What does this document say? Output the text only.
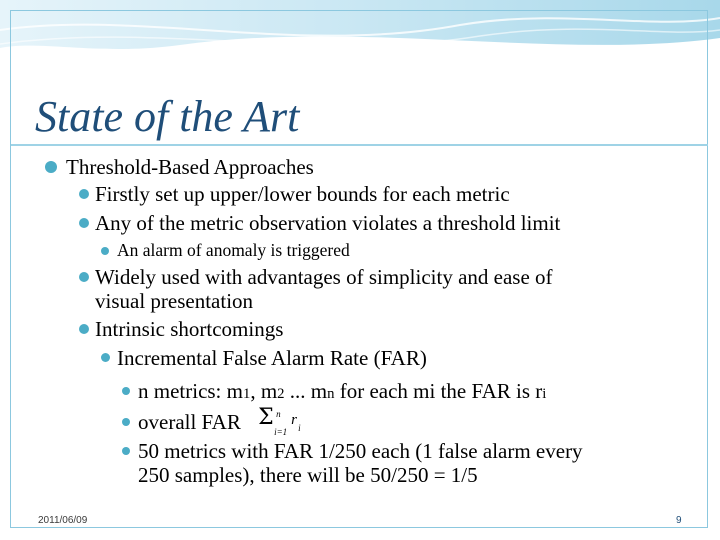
State of the Art
Threshold-Based Approaches
Firstly set up upper/lower bounds for each metric
Any of the metric observation violates a threshold limit
An alarm of anomaly is triggered
Widely used with advantages of simplicity and ease of
visual presentation
Intrinsic shortcomings
Incremental False Alarm Rate (FAR)
n metrics: m1, m2 ... mn for each mi the FAR is ri
overall FAR Σ n
i=1
r i
50 metrics with FAR 1/250 each (1 false alarm every
250 samples), there will be 50/250 = 1/5
2011/06/09	9
